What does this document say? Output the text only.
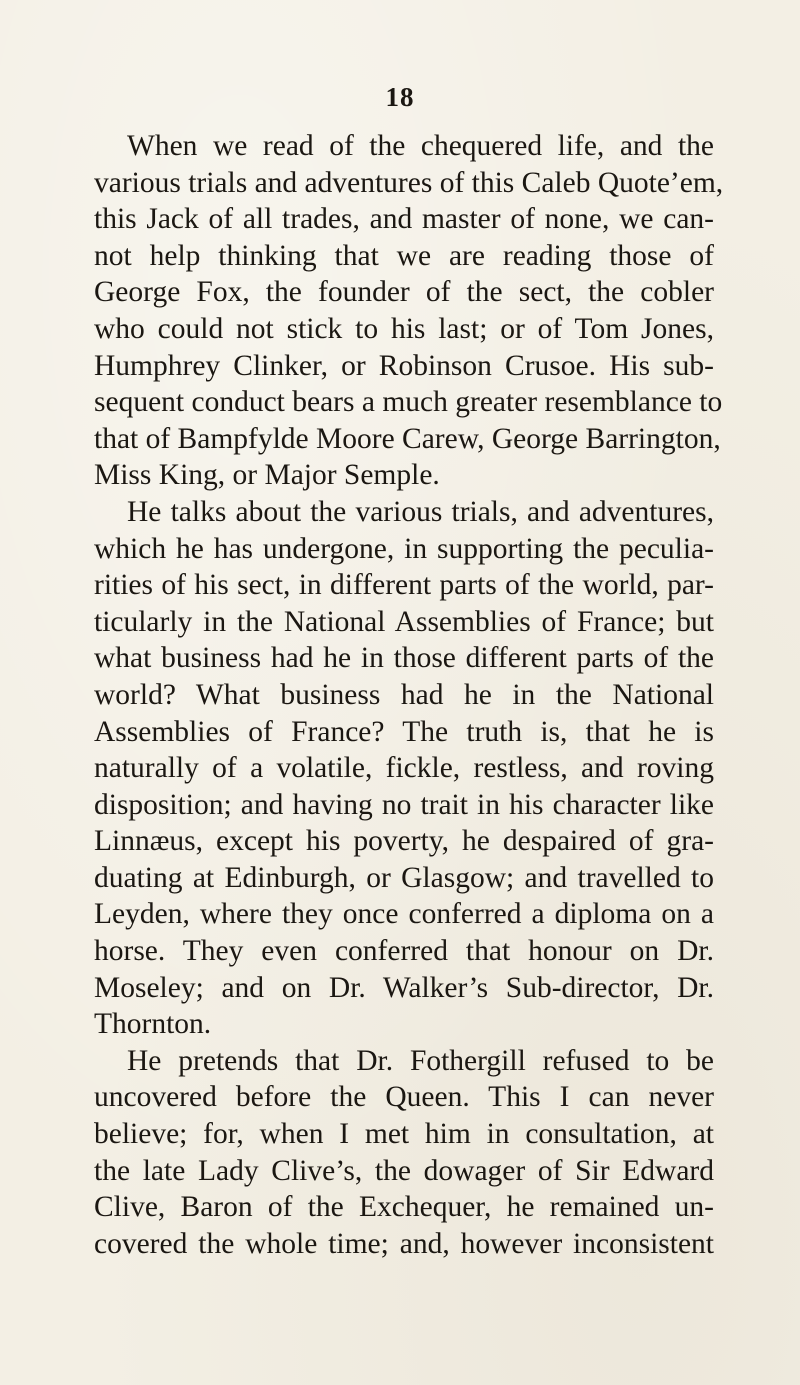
18
When we read of the chequered life, and the
various trials and adventures of this Caleb Quote’em,
this Jack of all trades, and master of none, we can-
not help thinking that we are reading those of
George Fox, the founder of the sect, the cobler
who could not stick to his last; or of Tom Jones,
Humphrey Clinker, or Robinson Crusoe. His sub-
sequent conduct bears a much greater resemblance to
that of Bampfylde Moore Carew, George Barrington,
Miss King, or Major Semple.
He talks about the various trials, and adventures,
which he has undergone, in supporting the peculia-
rities of his sect, in different parts of the world, par-
ticularly in the National Assemblies of France; but
what business had he in those different parts of the
world? What business had he in the National
Assemblies of France? The truth is, that he is
naturally of a volatile, fickle, restless, and roving
disposition; and having no trait in his character like
Linnæus, except his poverty, he despaired of gra-
duating at Edinburgh, or Glasgow; and travelled to
Leyden, where they once conferred a diploma on a
horse. They even conferred that honour on Dr.
Moseley; and on Dr. Walker’s Sub-director, Dr.
Thornton.
He pretends that Dr. Fothergill refused to be
uncovered before the Queen. This I can never
believe; for, when I met him in consultation, at
the late Lady Clive’s, the dowager of Sir Edward
Clive, Baron of the Exchequer, he remained un-
covered the whole time; and, however inconsistent
